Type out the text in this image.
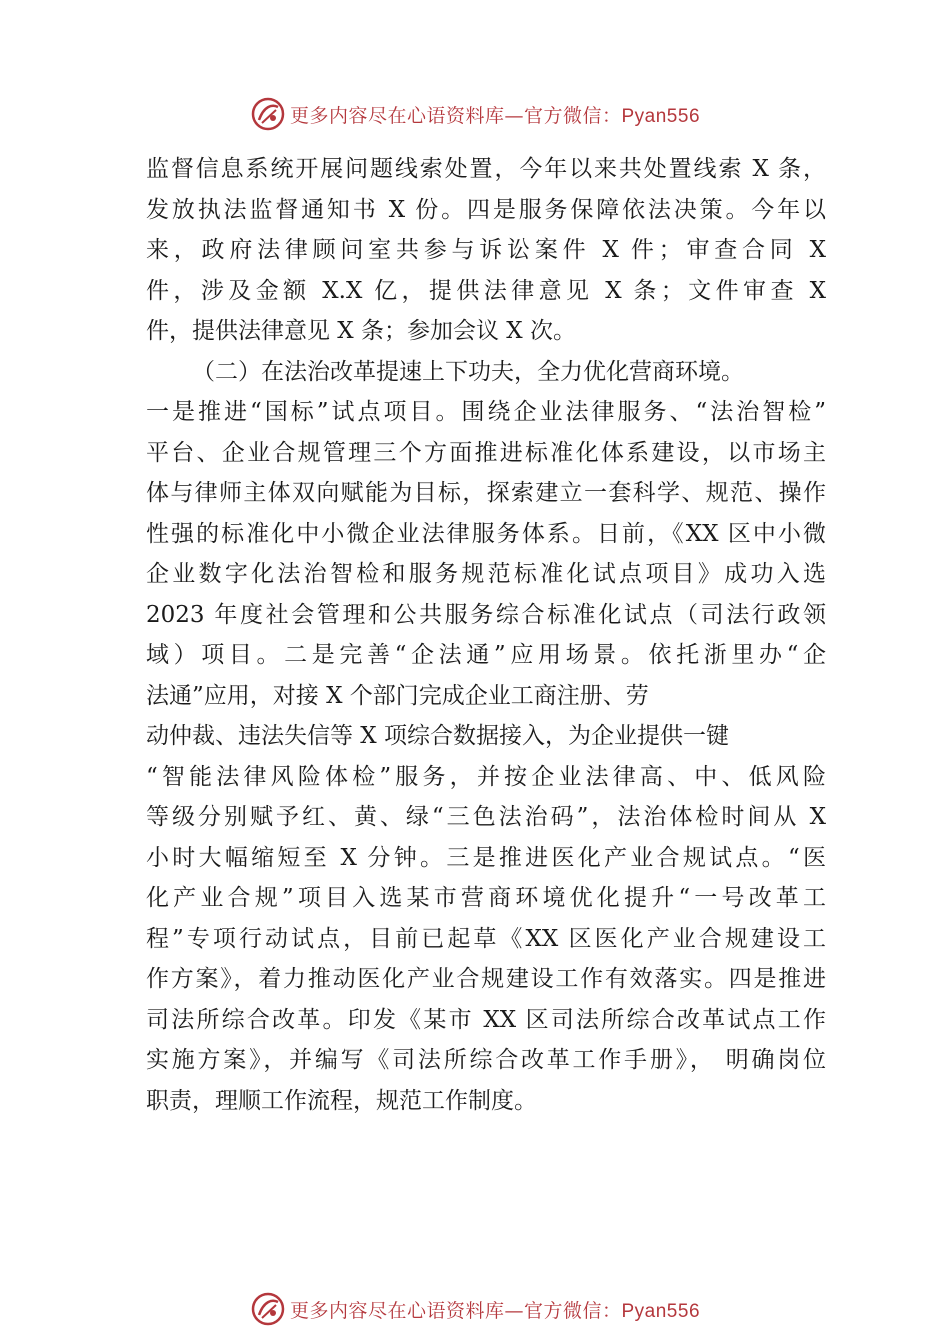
更多内容尽在心语资料库—官方微信：Pyan556
监督信息系统开展问题线索处置，今年以来共处置线索 X 条，
发放执法监督通知书 X 份。四是服务保障依法决策。今年以
来，政府法律顾问室共参与诉讼案件 X 件；审查合同 X
件，涉及金额 X.X 亿，提供法律意见 X 条；文件审查 X
件，提供法律意见 X 条；参加会议 X 次。
（二）在法治改革提速上下功夫，全力优化营商环境。
一是推进“国标”试点项目。围绕企业法律服务、“法治智检”
平台、企业合规管理三个方面推进标准化体系建设，以市场主
体与律师主体双向赋能为目标，探索建立一套科学、规范、操作
性强的标准化中小微企业法律服务体系。日前，《XX 区中小微
企业数字化法治智检和服务规范标准化试点项目》成功入选
2023 年度社会管理和公共服务综合标准化试点（司法行政领
域）项目。二是完善“企法通”应用场景。依托浙里办“企
法通”应用，对接 X 个部门完成企业工商注册、劳
动仲裁、违法失信等 X 项综合数据接入，为企业提供一键
“智能法律风险体检”服务，并按企业法律高、中、低风险
等级分别赋予红、黄、绿“三色法治码”，法治体检时间从 X
小时大幅缩短至 X 分钟。三是推进医化产业合规试点。“医
化产业合规”项目入选某市营商环境优化提升“一号改革工
程”专项行动试点，目前已起草《XX 区医化产业合规建设工
作方案》，着力推动医化产业合规建设工作有效落实。四是推进
司法所综合改革。印发《某市 XX 区司法所综合改革试点工作
实施方案》，并编写《司法所综合改革工作手册》， 明确岗位
职责，理顺工作流程，规范工作制度。
更多内容尽在心语资料库—官方微信：Pyan556
